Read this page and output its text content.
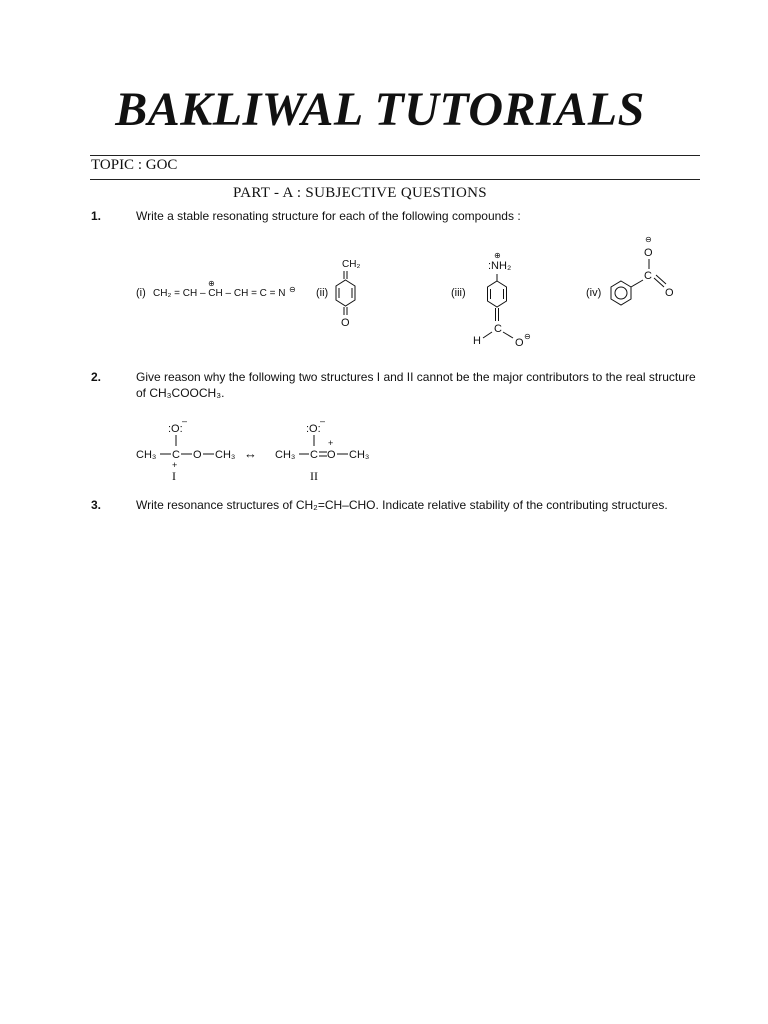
BAKLIWAL TUTORIALS
TOPIC : GOC
PART - A : SUBJECTIVE QUESTIONS
1.	Write a stable resonating structure for each of the following compounds :
(i) CH₂ = CH – CH – CH = C = N
⊕
⊖ (ii)
CH₂
O
(iii)
⊕
:NH₂
C
H	O
⊖
(iv)
C
⊖
O
O
2.	Give reason why the following two structures I and II cannot be the major contributors to the real structure
of CH₃COOCH₃.
:O:
–
CH₃ C
+
O CH₃
I
↔
:O:
–
CH₃ C O
+
CH₃
II
3.	Write resonance structures of CH₂=CH–CHO. Indicate relative stability of the contributing structures.
